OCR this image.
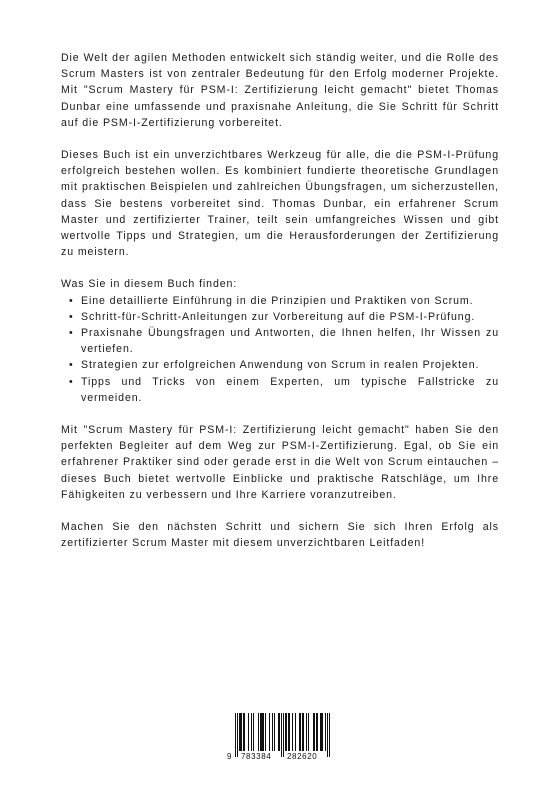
Die Welt der agilen Methoden entwickelt sich ständig weiter, und die Rolle des Scrum Masters ist von zentraler Bedeutung für den Erfolg moderner Projekte. Mit "Scrum Mastery für PSM-I: Zertifizierung leicht gemacht" bietet Thomas Dunbar eine umfassende und praxisnahe Anleitung, die Sie Schritt für Schritt auf die PSM-I-Zertifizierung vorbereitet.

Dieses Buch ist ein unverzichtbares Werkzeug für alle, die die PSM-I-Prüfung erfolgreich bestehen wollen. Es kombiniert fundierte theoretische Grundlagen mit praktischen Beispielen und zahlreichen Übungsfragen, um sicherzustellen, dass Sie bestens vorbereitet sind. Thomas Dunbar, ein erfahrener Scrum Master und zertifizierter Trainer, teilt sein umfangreiches Wissen und gibt wertvolle Tipps und Strategien, um die Herausforderungen der Zertifizierung zu meistern.

Was Sie in diesem Buch finden:

• Eine detaillierte Einführung in die Prinzipien und Praktiken von Scrum.
• Schritt-für-Schritt-Anleitungen zur Vorbereitung auf die PSM-I-Prüfung.
• Praxisnahe Übungsfragen und Antworten, die Ihnen helfen, Ihr Wissen zu vertiefen.
• Strategien zur erfolgreichen Anwendung von Scrum in realen Projekten.
• Tipps und Tricks von einem Experten, um typische Fallstricke zu vermeiden.

Mit "Scrum Mastery für PSM-I: Zertifizierung leicht gemacht" haben Sie den perfekten Begleiter auf dem Weg zur PSM-I-Zertifizierung. Egal, ob Sie ein erfahrener Praktiker sind oder gerade erst in die Welt von Scrum eintauchen – dieses Buch bietet wertvolle Einblicke und praktische Ratschläge, um Ihre Fähigkeiten zu verbessern und Ihre Karriere voranzutreiben.

Machen Sie den nächsten Schritt und sichern Sie sich Ihren Erfolg als zertifizierter Scrum Master mit diesem unverzichtbaren Leitfaden!

9 783384 282620
